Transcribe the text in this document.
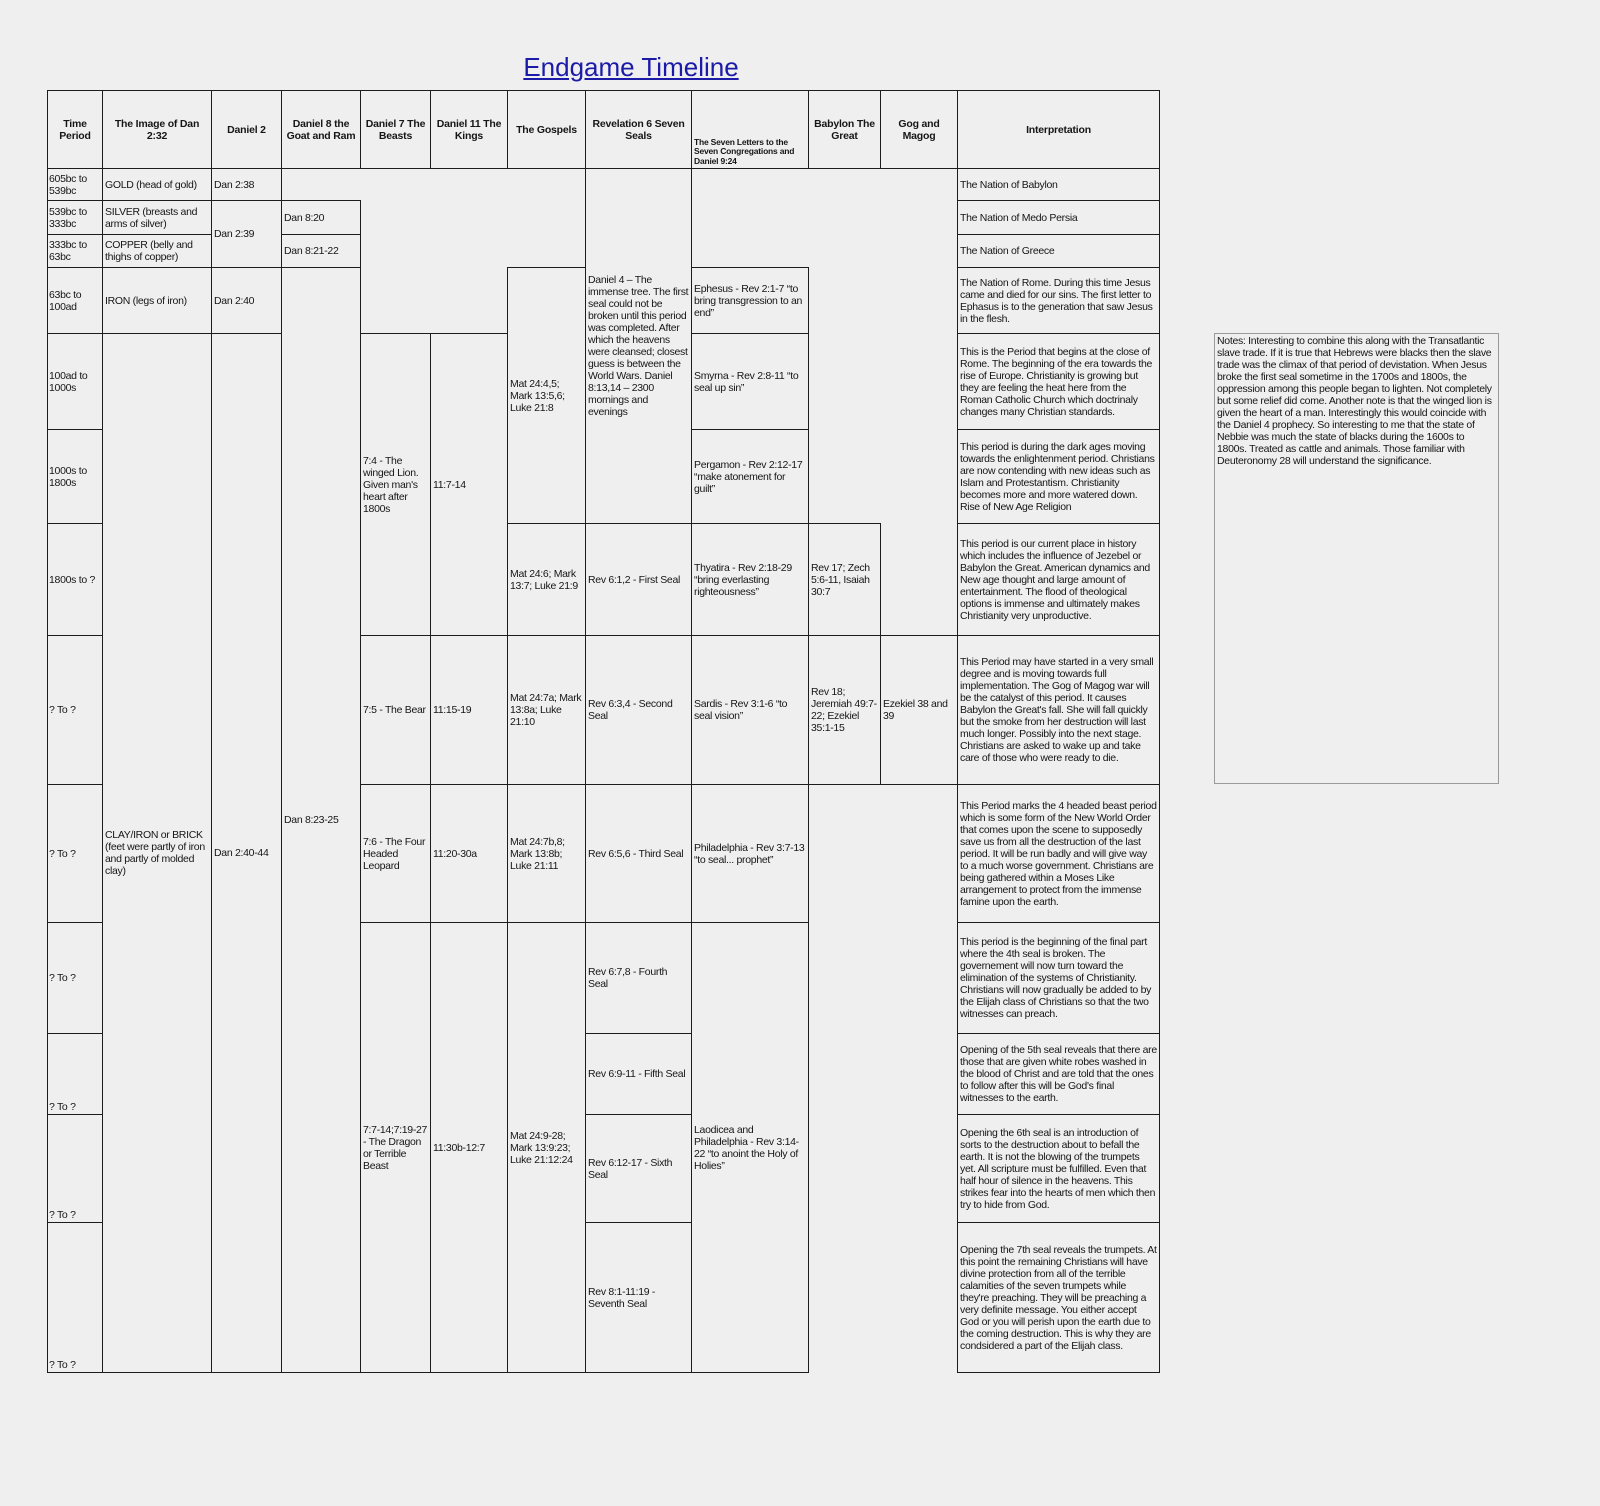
Endgame Timeline
Time Period	The Image of Dan 2:32	Daniel 2	Daniel 8 the Goat and Ram	Daniel 7 The Beasts	Daniel 11 The Kings	The Gospels	Revelation 6 Seven Seals	The Seven Letters to the Seven Congregations and Daniel 9:24	Babylon The Great	Gog and Magog	Interpretation
605bc to 539bc	GOLD (head of gold)	Dan 2:38					Daniel 4 – The immense tree. The first seal could not be broken until this period was completed. After which the heavens were cleansed; closest guess is between the World Wars. Daniel 8:13,14 – 2300 mornings and evenings				The Nation of Babylon
539bc to 333bc	SILVER (breasts and arms of silver)	Dan 2:39	Dan 8:20								The Nation of Medo Persia
333bc to 63bc	COPPER (belly and thighs of copper)		Dan 8:21-22								The Nation of Greece
63bc to 100ad	IRON (legs of iron)	Dan 2:40	Dan 8:23-25			Mat 24:4,5; Mark 13:5,6; Luke 21:8		Ephesus - Rev 2:1-7 “to bring transgression to an end”			The Nation of Rome. During this time Jesus came and died for our sins. The first letter to Ephasus is to the generation that saw Jesus in the flesh.
100ad to 1000s	CLAY/IRON or BRICK (feet were partly of iron and partly of molded clay)	Dan 2:40-44		7:4 - The winged Lion. Given man's heart after 1800s	11:7-14			Smyrna - Rev 2:8-11 “to seal up sin”			This is the Period that begins at the close of Rome. The beginning of the era towards the rise of Europe. Christianity is growing but they are feeling the heat here from the Roman Catholic Church which doctrinaly changes many Christian standards.
1000s to 1800s								Pergamon - Rev 2:12-17 “make atonement for guilt”			This period is during the dark ages moving towards the enlightenment period. Christians are now contending with new ideas such as Islam and Protestantism. Christianity becomes more and more watered down. Rise of New Age Religion
1800s to ?						Mat 24:6; Mark 13:7; Luke 21:9	Rev 6:1,2 - First Seal	Thyatira - Rev 2:18-29 “bring everlasting righteousness”	Rev 17; Zech 5:6-11, Isaiah 30:7		This period is our current place in history which includes the influence of Jezebel or Babylon the Great. American dynamics and New age thought and large amount of entertainment. The flood of theological options is immense and ultimately makes Christianity very unproductive.
? To ?				7:5 - The Bear	11:15-19	Mat 24:7a; Mark 13:8a; Luke 21:10	Rev 6:3,4 - Second Seal	Sardis - Rev 3:1-6 “to seal vision”	Rev 18; Jeremiah 49:7-22; Ezekiel 35:1-15	Ezekiel 38 and 39	This Period may have started in a very small degree and is moving towards full implementation. The Gog of Magog war will be the catalyst of this period. It causes Babylon the Great's fall. She will fall quickly but the smoke from her destruction will last much longer. Possibly into the next stage. Christians are asked to wake up and take care of those who were ready to die.
? To ?				7:6 - The Four Headed Leopard	11:20-30a	Mat 24:7b,8; Mark 13:8b; Luke 21:11	Rev 6:5,6 - Third Seal	Philadelphia - Rev 3:7-13 “to seal... prophet”			This Period marks the 4 headed beast period which is some form of the New World Order that comes upon the scene to supposedly save us from all the destruction of the last period. It will be run badly and will give way to a much worse government. Christians are being gathered within a Moses Like arrangement to protect from the immense famine upon the earth.
? To ?				7:7-14;7:19-27 - The Dragon or Terrible Beast	11:30b-12:7	Mat 24:9-28; Mark 13:9:23; Luke 21:12:24	Rev 6:7,8 - Fourth Seal	Laodicea and Philadelphia - Rev 3:14-22 “to anoint the Holy of Holies”			This period is the beginning of the final part where the 4th seal is broken. The governement will now turn toward the elimination of the systems of Christianity. Christians will now gradually be added to by the Elijah class of Christians so that the two witnesses can preach.
? To ?							Rev 6:9-11 - Fifth Seal				Opening of the 5th seal reveals that there are those that are given white robes washed in the blood of Christ and are told that the ones to follow after this will be God's final witnesses to the earth.
? To ?							Rev 6:12-17 - Sixth Seal				Opening the 6th seal is an introduction of sorts to the destruction about to befall the earth. It is not the blowing of the trumpets yet. All scripture must be fulfilled. Even that half hour of silence in the heavens. This strikes fear into the hearts of men which then try to hide from God.
? To ?							Rev 8:1-11:19 - Seventh Seal				Opening the 7th seal reveals the trumpets. At this point the remaining Christians will have divine protection from all of the terrible calamities of the seven trumpets while they're preaching. They will be preaching a very definite message. You either accept God or you will perish upon the earth due to the coming destruction. This is why they are condsidered a part of the Elijah class.
Notes: Interesting to combine this along with the Transatlantic slave trade. If it is true that Hebrews were blacks then the slave trade was the climax of that period of devistation. When Jesus broke the first seal sometime in the 1700s and 1800s, the oppression among this people began to lighten. Not completely but some relief did come. Another note is that the winged lion is given the heart of a man. Interestingly this would coincide with the Daniel 4 prophecy. So interesting to me that the state of Nebbie was much the state of blacks during the 1600s to 1800s. Treated as cattle and animals. Those familiar with Deuteronomy 28 will understand the significance.
